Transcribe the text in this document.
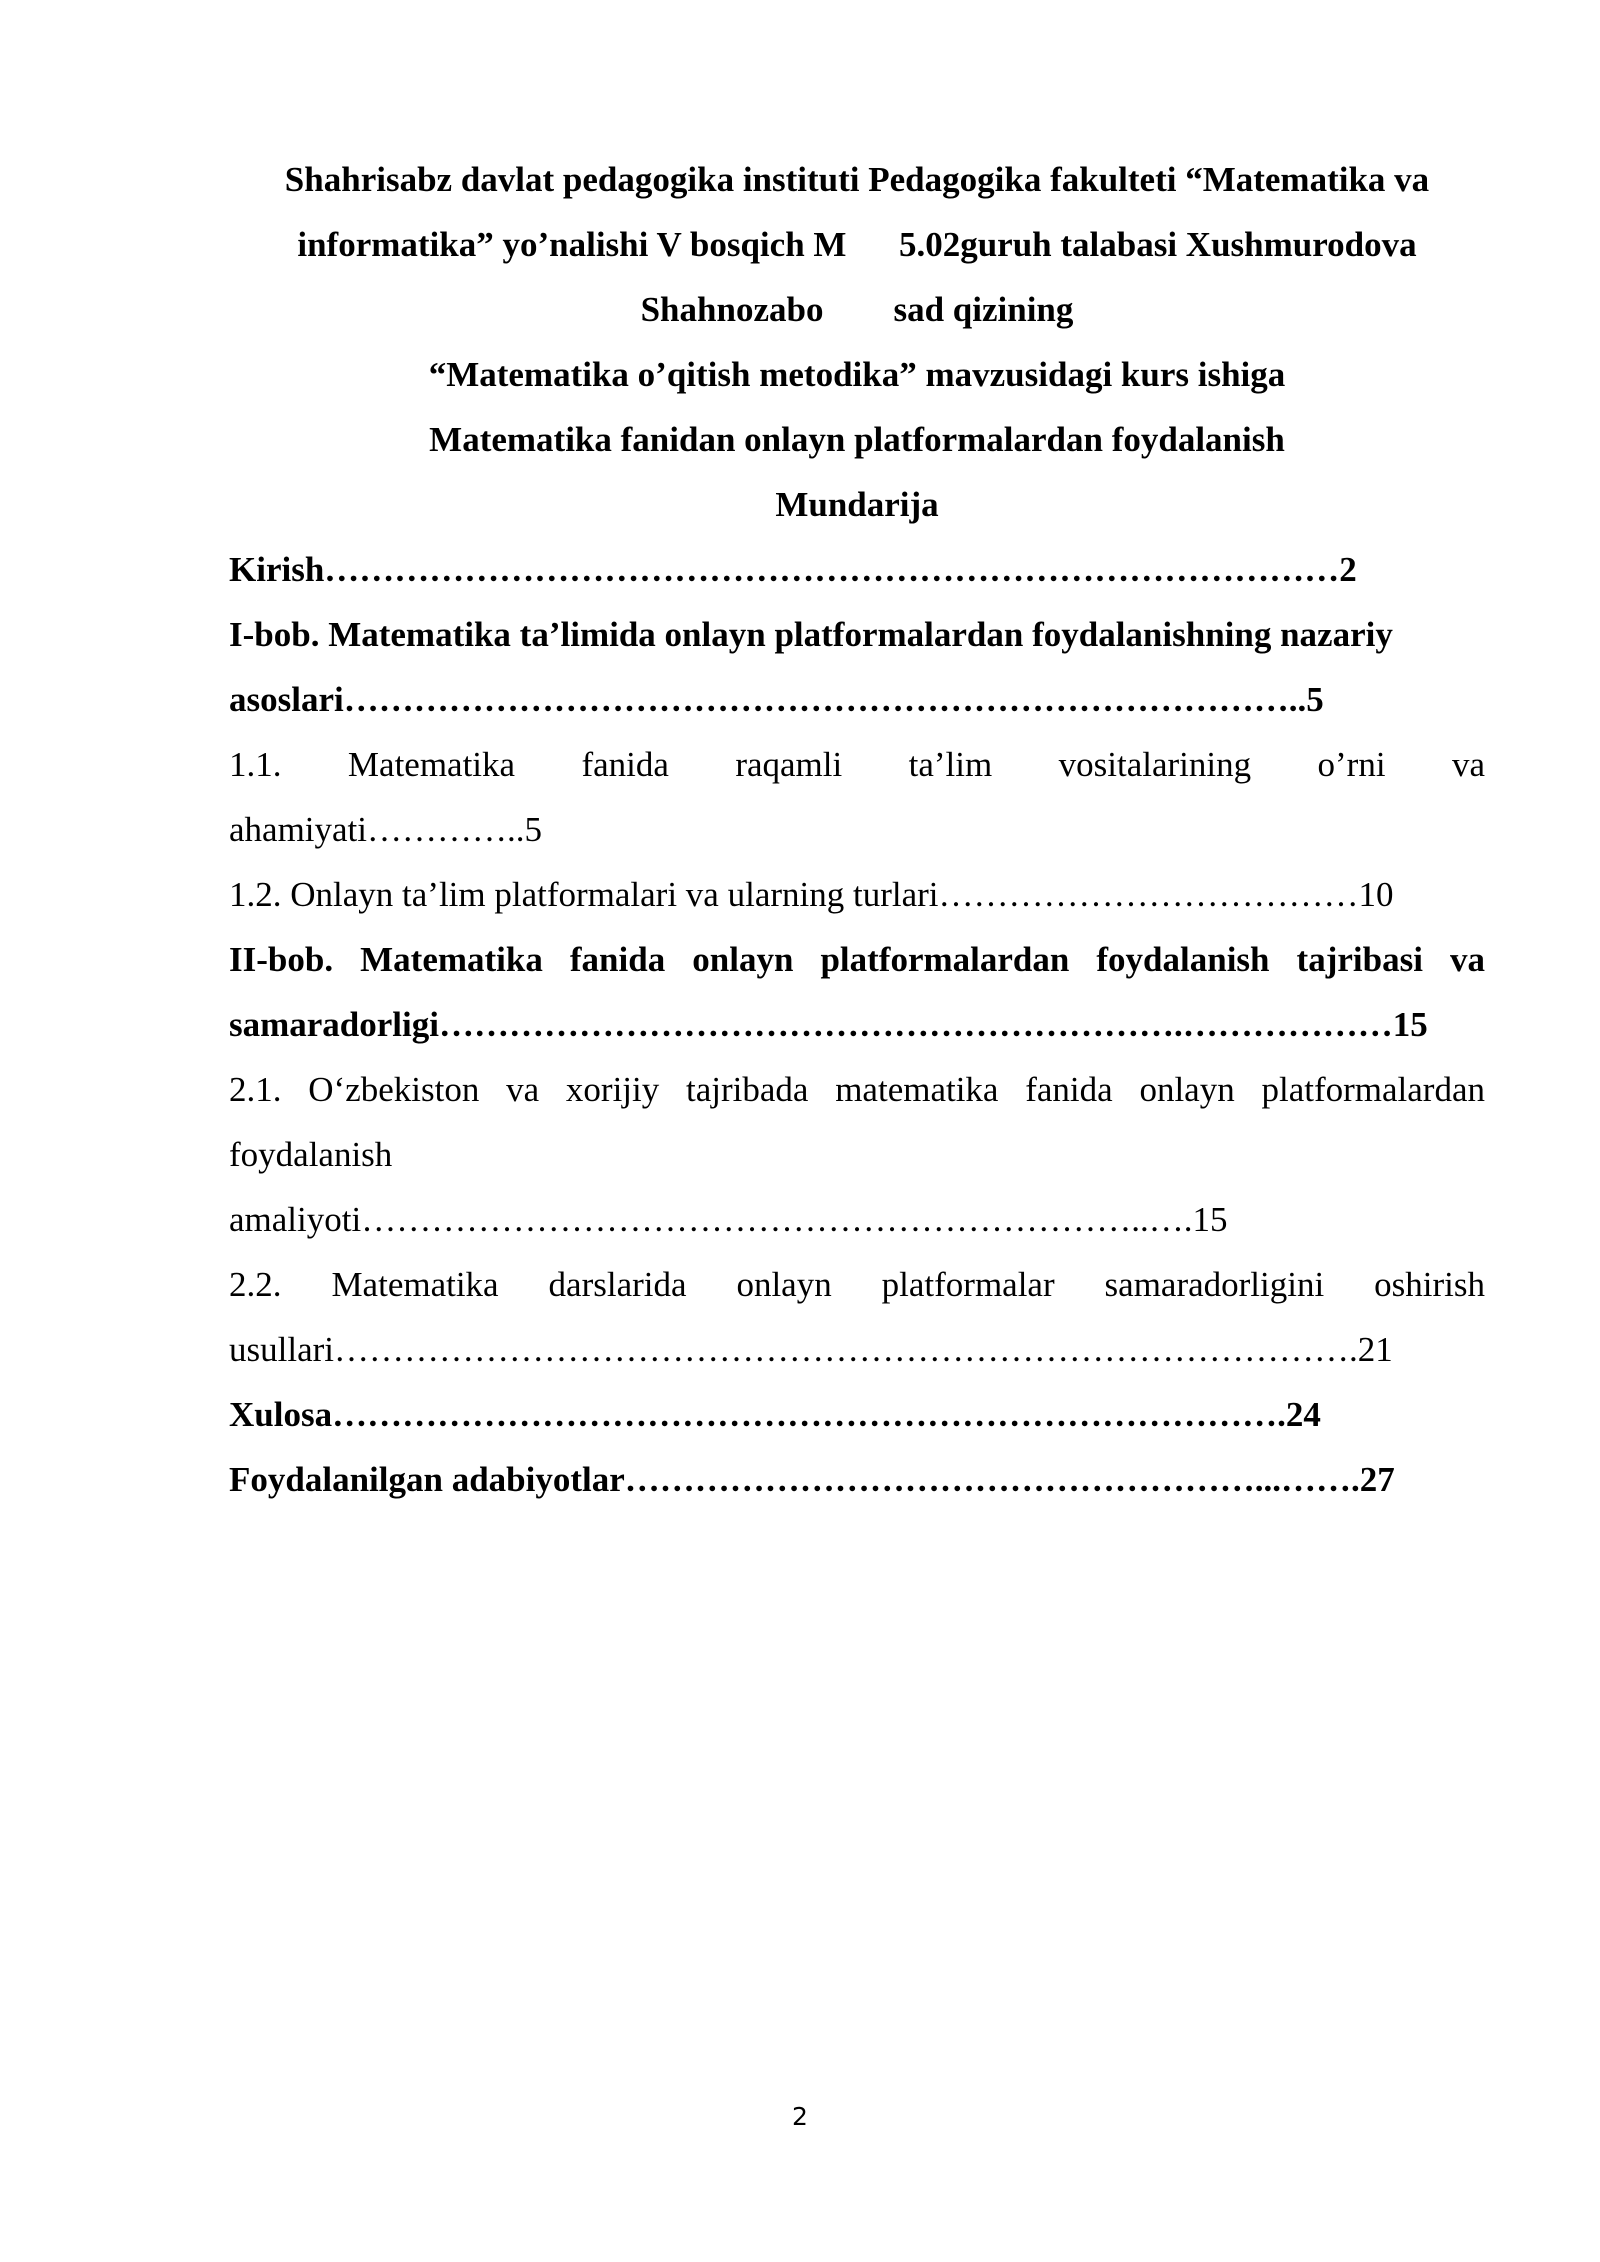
Shahrisabz davlat pedagogika instituti Pedagogika fakulteti “Matematika va
informatika” yo’nalishi V bosqich M      5.02guruh talabasi Xushmurodova
Shahnozabo        sad qizining
“Matematika o’qitish metodika” mavzusidagi kurs ishiga
Matematika fanidan onlayn platformalardan foydalanish
Mundarija
Kirish……………………………………………………………………………2
I-bob. Matematika ta’limida onlayn platformalardan foydalanishning nazariy
asoslari………………………………………………………………………..5
1.1. Matematika fanida raqamli ta’lim vositalarining o’rni va
ahamiyati…………..5
1.2. Onlayn ta’lim platformalari va ularning turlari………………………………10
II-bob. Matematika fanida onlayn platformalardan foydalanish tajribasi va
samaradorligi……………………………………………………….………………15
2.1. O‘zbekiston va xorijiy tajribada matematika fanida onlayn platformalardan
foydalanish
amaliyoti…………………………………………………………..….15
2.2. Matematika darslarida onlayn platformalar samaradorligini oshirish
usullari…………………………………………………………………………….21
Xulosa……………………………………………………………………….24
Foydalanilgan adabiyotlar………………………………………………...…….27
2
